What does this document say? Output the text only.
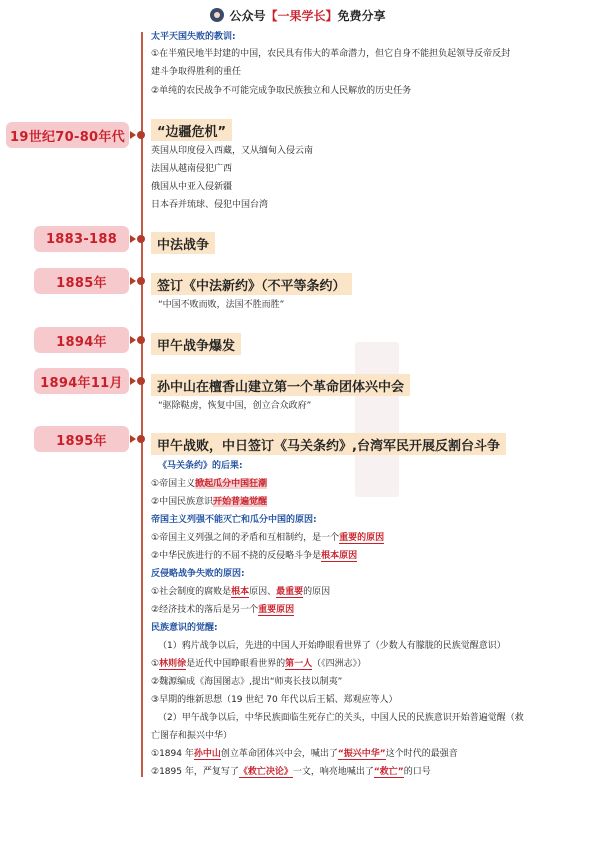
公众号 【一果学长】 免费分享
太平天国失败的教训:
①在半殖民地半封建的中国，农民具有伟大的革命潜力，但它自身不能担负起领导反帝反封
建斗争取得胜利的重任
②单纯的农民战争不可能完成争取民族独立和人民解放的历史任务
19世纪70-80年代	“边疆危机”
英国从印度侵入西藏，又从缅甸入侵云南
法国从越南侵犯广西
俄国从中亚入侵新疆
日本吞并琉球、侵犯中国台湾
1883-188	中法战争
1885年	签订《中法新约》（不平等条约）
“中国不败而败，法国不胜而胜”
1894年	甲午战争爆发
1894年11月	孙中山在檀香山建立第一个革命团体兴中会
“驱除鞑虏，恢复中国，创立合众政府”
1895年	甲午战败，中日签订《马关条约》,台湾军民开展反割台斗争
《马关条约》的后果:
①帝国主义掀起瓜分中国狂潮
②中国民族意识开始普遍觉醒
帝国主义列强不能灭亡和瓜分中国的原因:
①帝国主义列强之间的矛盾和互相制约，是一个重要的原因
②中华民族进行的不屈不挠的反侵略斗争是根本原因
反侵略战争失败的原因:
①社会制度的腐败是根本原因、最重要的原因
②经济技术的落后是另一个重要原因
民族意识的觉醒:
（1）鸦片战争以后，先进的中国人开始睁眼看世界了（少数人有朦胧的民族觉醒意识）
①林则徐是近代中国睁眼看世界的第一人（《四洲志》）
②魏源编成《海国图志》,提出“师夷长技以制夷”
③早期的维新思想（19 世纪 70 年代以后王韬、郑观应等人）
（2）甲午战争以后，中华民族面临生死存亡的关头，中国人民的民族意识开始普遍觉醒（救
亡图存和振兴中华）
①1894 年孙中山创立革命团体兴中会，喊出了“振兴中华”这个时代的最强音
②1895 年，严复写了《救亡决论》一文，响亮地喊出了“救亡”的口号
